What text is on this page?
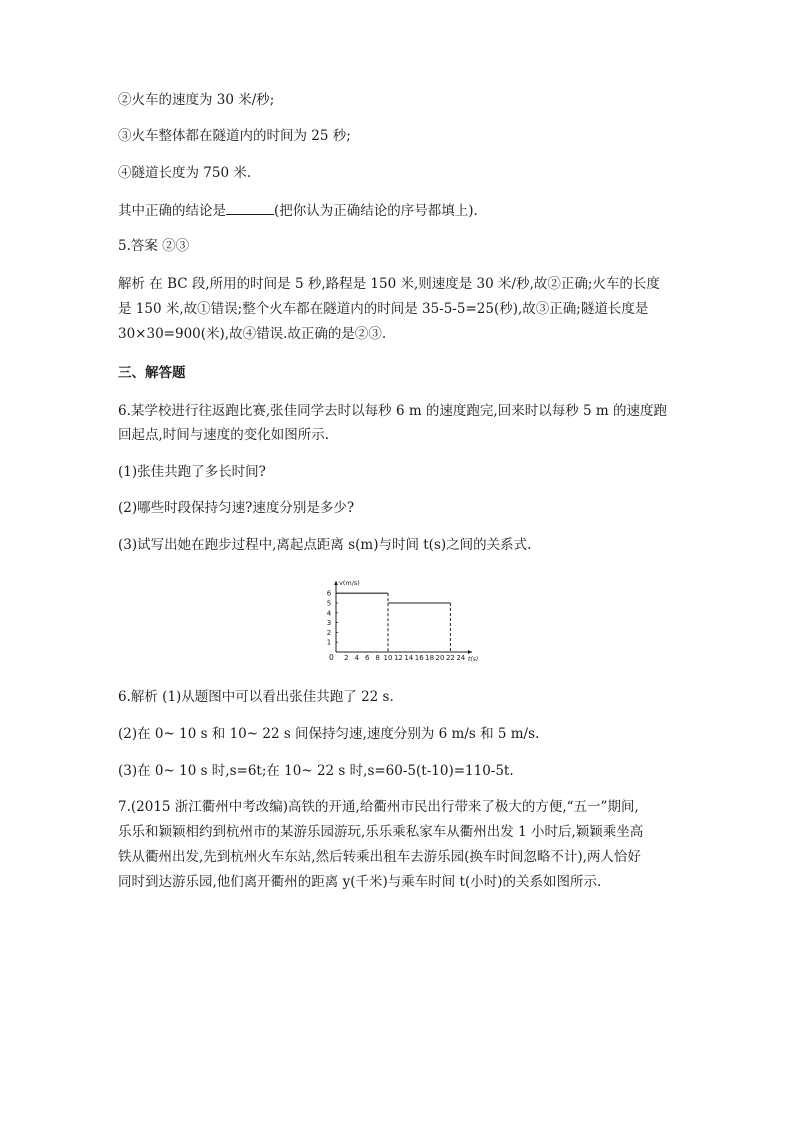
②火车的速度为 30 米/秒;
③火车整体都在隧道内的时间为 25 秒;
④隧道长度为 750 米.
其中正确的结论是	(把你认为正确结论的序号都填上).
5.答案 ②③
解析 在 BC 段,所用的时间是 5 秒,路程是 150 米,则速度是 30 米/秒,故②正确;火车的长度
是 150 米,故①错误;整个火车都在隧道内的时间是 35-5-5=25(秒),故③正确;隧道长度是
30×30=900(米),故④错误.故正确的是②③.
三、解答题
6.某学校进行往返跑比赛,张佳同学去时以每秒 6 m 的速度跑完,回来时以每秒 5 m 的速度跑
回起点,时间与速度的变化如图所示.
(1)张佳共跑了多长时间?
(2)哪些时段保持匀速?速度分别是多少?
(3)试写出她在跑步过程中,离起点距离 s(m)与时间 t(s)之间的关系式.
v(m/s)
t(s)
0 2 4 6 8 10 12 14 16 18 20 22 24
1
2
3
4
5
6
6.解析 (1)从题图中可以看出张佳共跑了 22 s.
(2)在 0~ 10 s 和 10~ 22 s 间保持匀速,速度分别为 6 m/s 和 5 m/s.
(3)在 0~ 10 s 时,s=6t;在 10~ 22 s 时,s=60-5(t-10)=110-5t.
7.(2015 浙江衢州中考改编)高铁的开通,给衢州市民出行带来了极大的方便,“五一”期间,
乐乐和颖颖相约到杭州市的某游乐园游玩,乐乐乘私家车从衢州出发 1 小时后,颖颖乘坐高
铁从衢州出发,先到杭州火车东站,然后转乘出租车去游乐园(换车时间忽略不计),两人恰好
同时到达游乐园,他们离开衢州的距离 y(千米)与乘车时间 t(小时)的关系如图所示.
